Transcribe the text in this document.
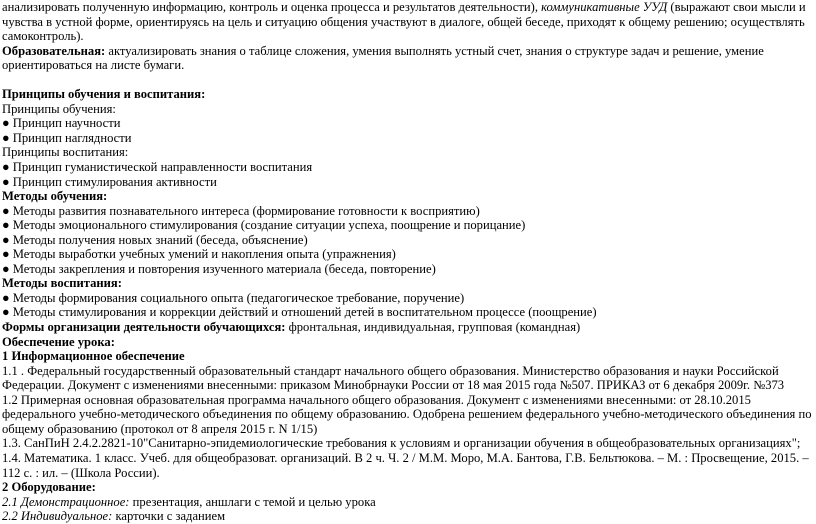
анализировать полученную информацию, контроль и оценка процесса и результатов деятельности), коммуникативные УУД (выражают свои мысли и чувства в устной форме, ориентируясь на цель и ситуацию общения участвуют в диалоге, общей беседе, приходят к общему решению; осуществлять самоконтроль).

Образовательная: актуализировать знания о таблице сложения, умения выполнять устный счет, знания о структуре задач и решение, умение ориентироваться на листе бумаги.

Принципы обучения и воспитания:

Принципы обучения:

● Принцип научности

● Принцип наглядности

Принципы воспитания:

● Принцип гуманистической направленности воспитания

● Принцип стимулирования активности

Методы обучения:

● Методы развития познавательного интереса (формирование готовности к восприятию)

● Методы эмоционального стимулирования (создание ситуации успеха, поощрение и порицание)

● Методы получения новых знаний (беседа, объяснение)

● Методы выработки учебных умений и накопления опыта (упражнения)

● Методы закрепления и повторения изученного материала (беседа, повторение)

Методы воспитания:

● Методы формирования социального опыта (педагогическое требование, поручение)

● Методы стимулирования и коррекции действий и отношений детей в воспитательном процессе (поощрение)

Формы организации деятельности обучающихся: фронтальная, индивидуальная, групповая (командная)

Обеспечение урока:

1 Информационное обеспечение

1.1 . Федеральный государственный образовательный стандарт начального общего образования. Министерство образования и науки Российской Федерации. Документ с изменениями внесенными: приказом Минобрнауки России от 18 мая 2015 года №507. ПРИКАЗ от 6 декабря 2009г. №373

1.2 Примерная основная образовательная программа начального общего образования. Документ с изменениями внесенными: от 28.10.2015 федерального учебно-методического объединения по общему образованию. Одобрена решением федерального учебно-методического объединения по общему образованию (протокол от 8 апреля 2015 г. N 1/15)

1.3. СанПиН 2.4.2.2821-10"Санитарно-эпидемиологические требования к условиям и организации обучения в общеобразовательных организациях";

1.4. Математика. 1 класс. Учеб. для общеобразоват. организаций. В 2 ч. Ч. 2 / М.М. Моро, М.А. Бантова, Г.В. Бельтюкова. – М. : Просвещение, 2015. – 112 с. : ил. – (Школа России).

2 Оборудование:

2.1 Демонстрационное: презентация, аншлаги с темой и целью урока

2.2 Индивидуальное: карточки с заданием
